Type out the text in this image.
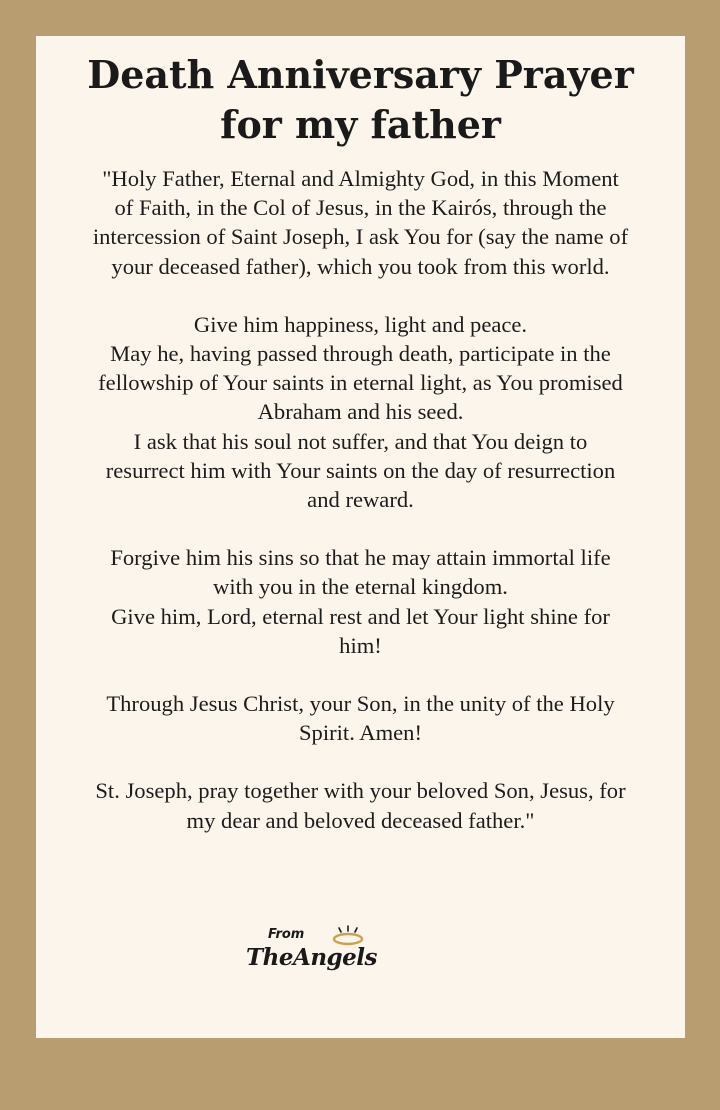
Death Anniversary Prayer
for my father

"Holy Father, Eternal and Almighty God, in this Moment
of Faith, in the Col of Jesus, in the Kairós, through the
intercession of Saint Joseph, I ask You for (say the name of
your deceased father), which you took from this world.

Give him happiness, light and peace.
May he, having passed through death, participate in the
fellowship of Your saints in eternal light, as You promised
Abraham and his seed.
I ask that his soul not suffer, and that You deign to
resurrect him with Your saints on the day of resurrection
and reward.

Forgive him his sins so that he may attain immortal life
with you in the eternal kingdom.
Give him, Lord, eternal rest and let Your light shine for
him!

Through Jesus Christ, your Son, in the unity of the Holy
Spirit. Amen!

St. Joseph, pray together with your beloved Son, Jesus, for
my dear and beloved deceased father."

From
TheAngels
